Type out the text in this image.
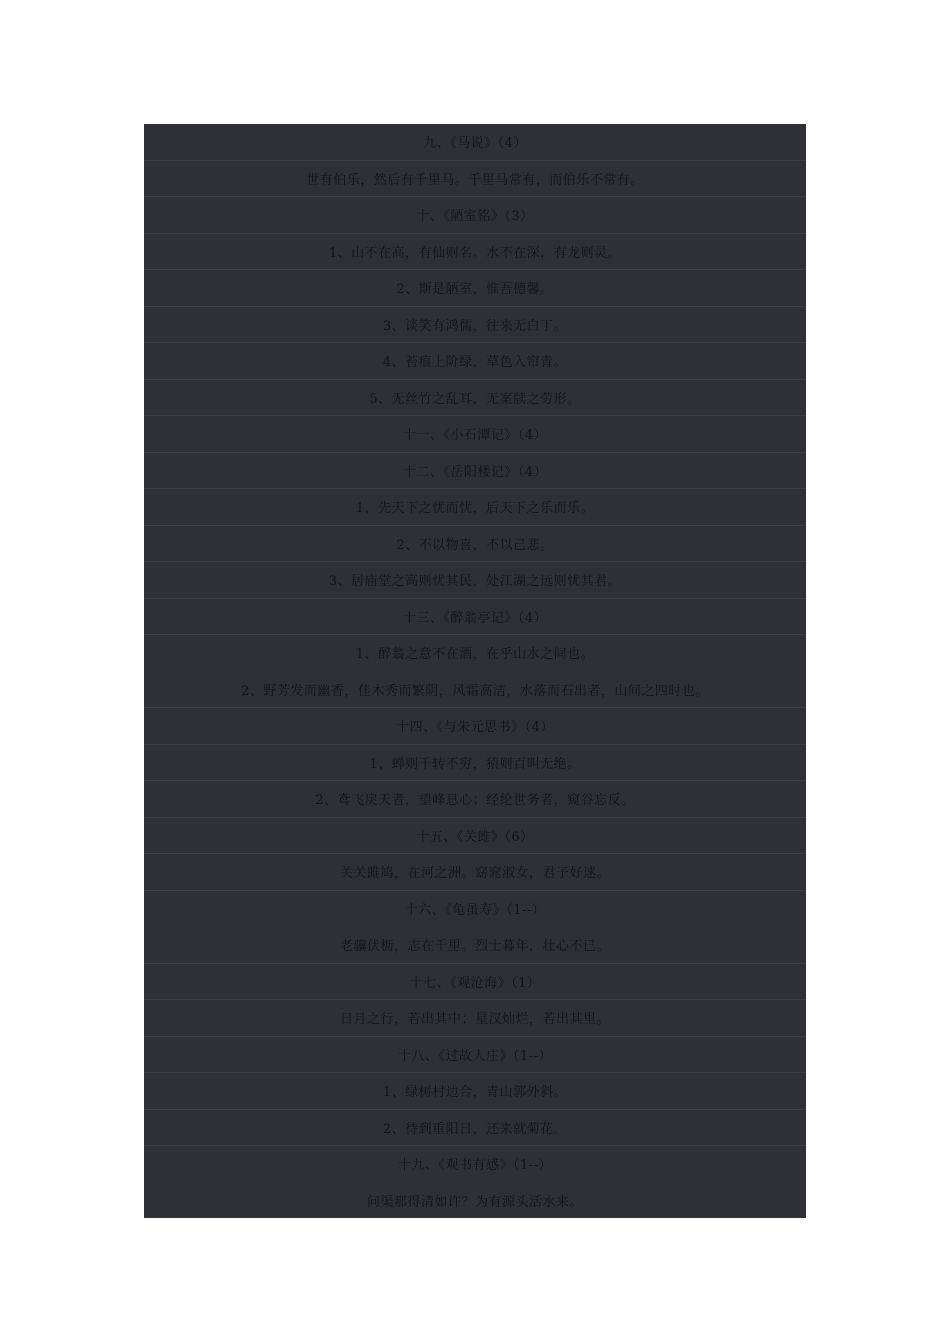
九、《马说》（4）
世有伯乐，然后有千里马。千里马常有，而伯乐不常有。
十、《陋室铭》（3）
1、山不在高，有仙则名。水不在深，有龙则灵。
2、斯是陋室，惟吾德馨。
3、谈笑有鸿儒，往来无白丁。
4、苔痕上阶绿，草色入帘青。
5、无丝竹之乱耳，无案牍之劳形。
十一、《小石潭记》（4）
十二、《岳阳楼记》（4）
1、先天下之忧而忧，后天下之乐而乐。
2、不以物喜，不以己悲。
3、居庙堂之高则忧其民，处江湖之远则忧其君。
十三、《醉翁亭记》（4）
1、醉翁之意不在酒，在乎山水之间也。
2、野芳发而幽香，佳木秀而繁阴，风霜高洁，水落而石出者，山间之四时也。
十四、《与朱元思书》（4）
1、蝉则千转不穷，猿则百叫无绝。
2、鸢飞戾天者，望峰息心；经纶世务者，窥谷忘反。
十五、《关雎》（6）
关关雎鸠，在河之洲。窈窕淑女，君子好逑。
十六、《龟虽寿》（1--）
老骥伏枥，志在千里。烈士暮年，壮心不已。
十七、《观沧海》（1）
日月之行，若出其中；星汉灿烂，若出其里。
十八、《过故人庄》（1--）
1、绿树村边合，青山郭外斜。
2、待到重阳日，还来就菊花。
十九、《观书有感》（1--）
问渠那得清如许？为有源头活水来。
